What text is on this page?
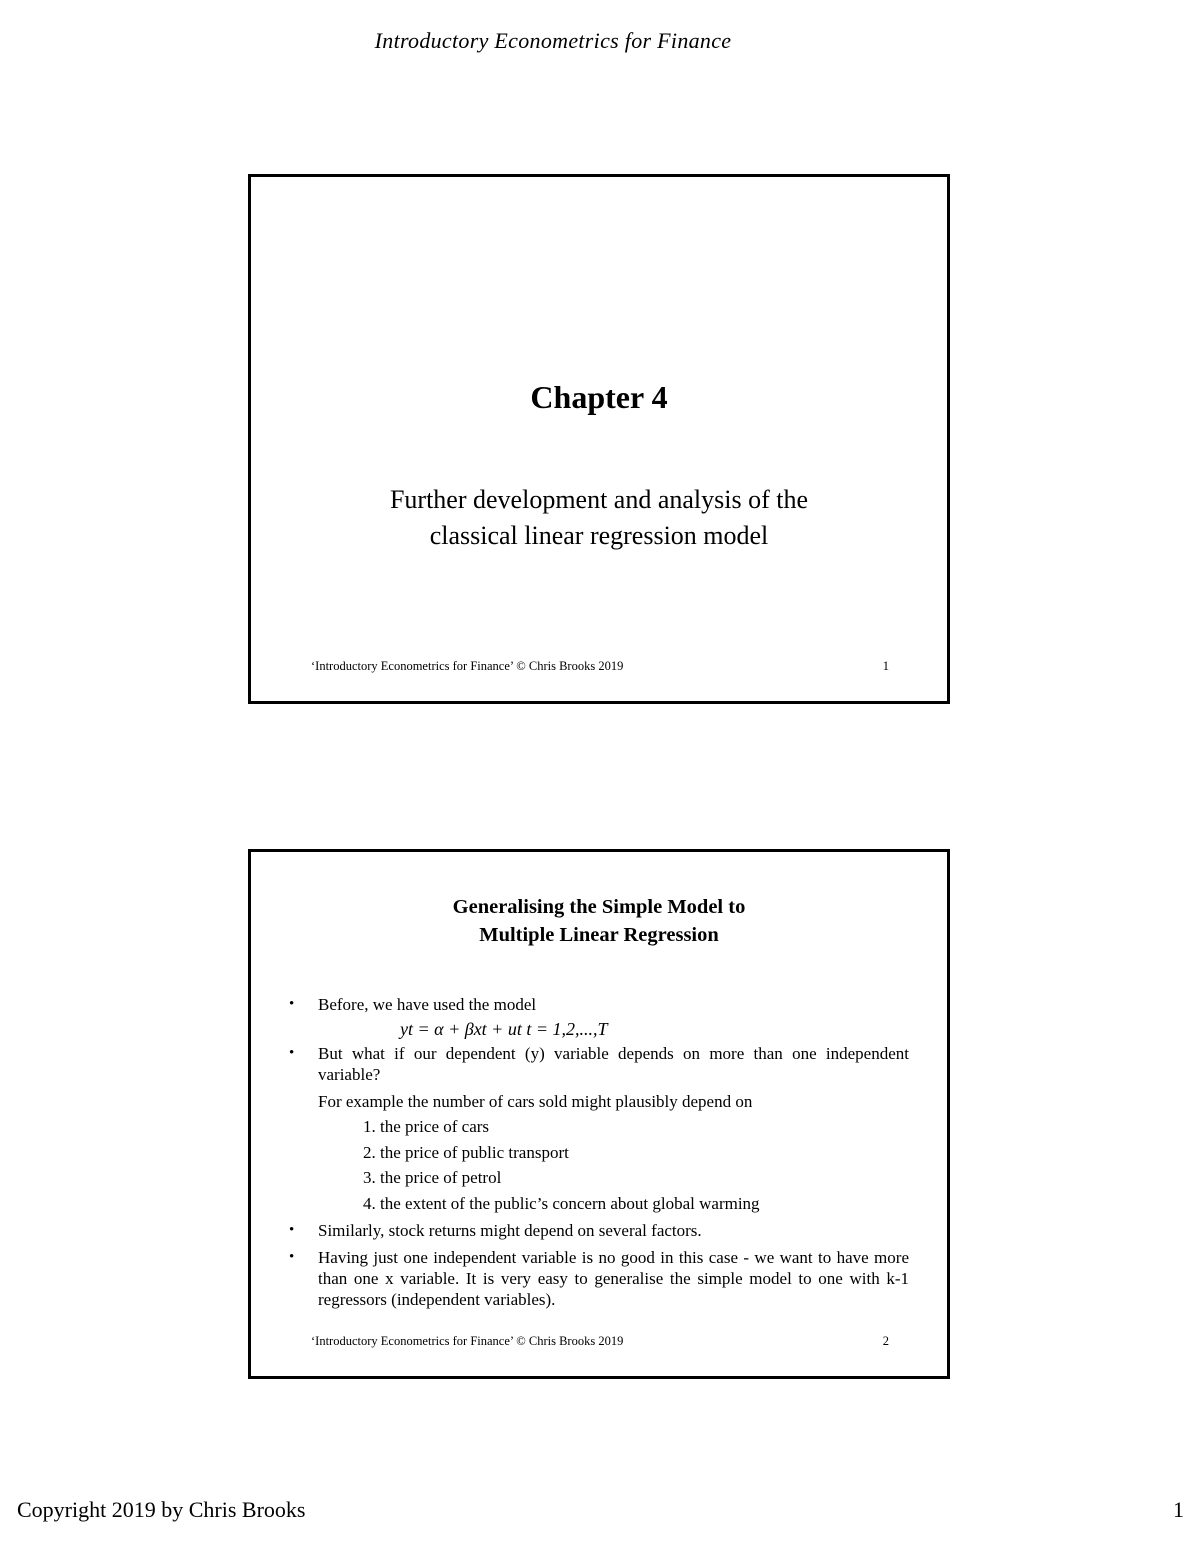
Introductory Econometrics for Finance
Chapter 4
Further development and analysis of the
classical linear regression model
‘Introductory Econometrics for Finance’ © Chris Brooks 2019	1
Generalising the Simple Model to
Multiple Linear Regression

• Before, we have used the model

yt = α + βxt + ut t = 1,2,...,T

• But what if our dependent (y) variable depends on more than one independent variable?

For example the number of cars sold might plausibly depend on
1. the price of cars
2. the price of public transport
3. the price of petrol
4. the extent of the public’s concern about global warming

• Similarly, stock returns might depend on several factors.

• Having just one independent variable is no good in this case - we want to have more than one x variable. It is very easy to generalise the simple model to one with k-1 regressors (independent variables).

‘Introductory Econometrics for Finance’ © Chris Brooks 2019	2
Copyright 2019 by Chris Brooks	1
